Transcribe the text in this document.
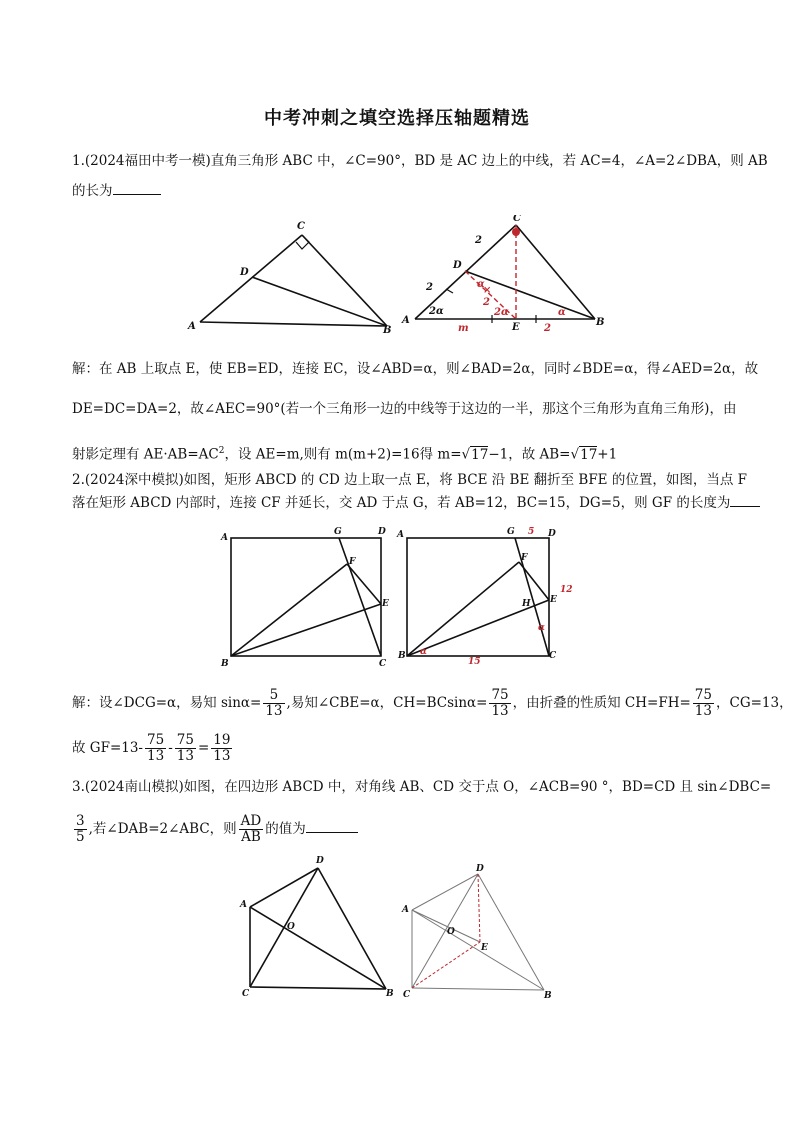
中考冲刺之填空选择压轴题精选
1.(2024福田中考一模)直角三角形 ABC 中，∠C=90°，BD 是 AC 边上的中线，若 AC=4，∠A=2∠DBA，则 AB
的长为
C
D
A	B
C
D
A	B
E
2
2
2α
α
2
×
2α	α
m	2
解：在 AB 上取点 E，使 EB=ED，连接 EC，设∠ABD=α，则∠BAD=2α，同时∠BDE=α，得∠AED=2α，故
DE=DC=DA=2，故∠AEC=90°(若一个三角形一边的中线等于这边的一半，那这个三角形为直角三角形)，由
射影定理有 $AE\cdot AB=AC^2$，设 AE=m,则有 m(m+2)=16得 m=√17−1，故 AB=√17+1
2.(2024深中模拟)如图，矩形 ABCD 的 CD 边上取一点 E，将 BCE 沿 BE 翻折至 BFE 的位置，如图，当点 F
落在矩形 ABCD 内部时，连接 CF 并延长，交 AD 于点 G，若 AB=12，BC=15，DG=5，则 GF 的长度为
A
D
G
F
E
B	C
A	D
G
F
E
H
B	C
5
12
15
α
α
解：设∠DCG=α，易知 $\sin\alpha= \frac{5}{13}$ ,易知∠CBE=α，$CH=BCsin\alpha= \frac{75}{13}$ ，由折叠的性质知 $CH=FH= \frac{75}{13}$ ，CG=13，
故 $GF=13- \frac{75}{13} - \frac{75}{13} = \frac{19}{13}$
3.(2024南山模拟)如图，在四边形 ABCD 中，对角线 AB、CD 交于点 O，∠ACB=90 °，BD=CD 且 sin∠DBC=
$\frac{3}{5}$ ,若∠DAB=2∠ABC，则 $\frac{AD}{AB}$ 的值为
D
A
O
C	B
D
A
O
E
C	B
